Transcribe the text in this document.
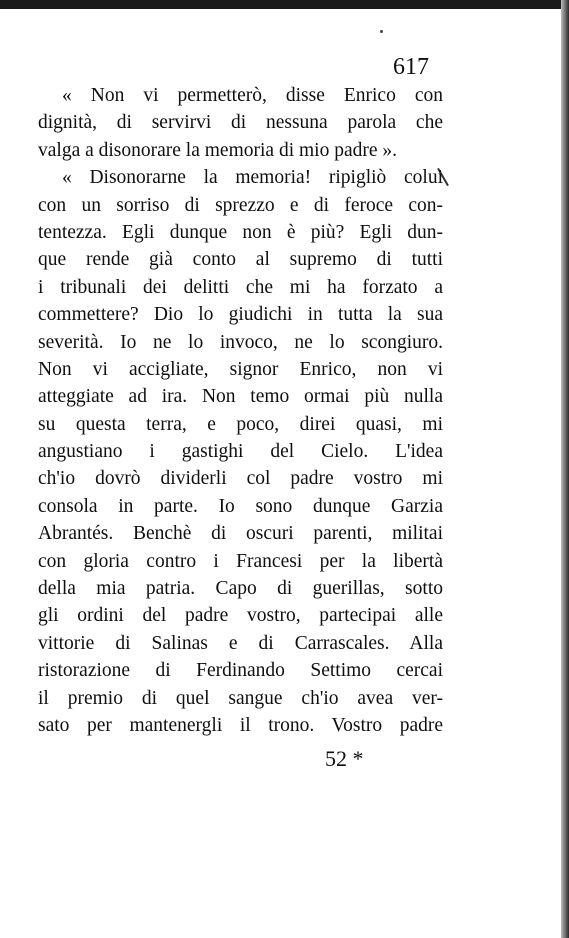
617
« Non vi permetterò, disse Enrico con
dignità, di servirvi di nessuna parola che
valga a disonorare la memoria di mio padre ».
« Disonorarne la memoria! ripigliò colui
con un sorriso di sprezzo e di feroce con-
tentezza. Egli dunque non è più? Egli dun-
que rende già conto al supremo di tutti
i tribunali dei delitti che mi ha forzato a
commettere? Dio lo giudichi in tutta la sua
severità. Io ne lo invoco, ne lo scongiuro.
Non vi accigliate, signor Enrico, non vi
atteggiate ad ira. Non temo ormai più nulla
su questa terra, e poco, direi quasi, mi
angustiano i gastighi del Cielo. L'idea
ch'io dovrò dividerli col padre vostro mi
consola in parte. Io sono dunque Garzia
Abrantés. Benchè di oscuri parenti, militai
con gloria contro i Francesi per la libertà
della mia patria. Capo di guerillas, sotto
gli ordini del padre vostro, partecipai alle
vittorie di Salinas e di Carrascales. Alla
ristorazione di Ferdinando Settimo cercai
il premio di quel sangue ch'io avea ver-
sato per mantenergli il trono. Vostro padre
52 *
